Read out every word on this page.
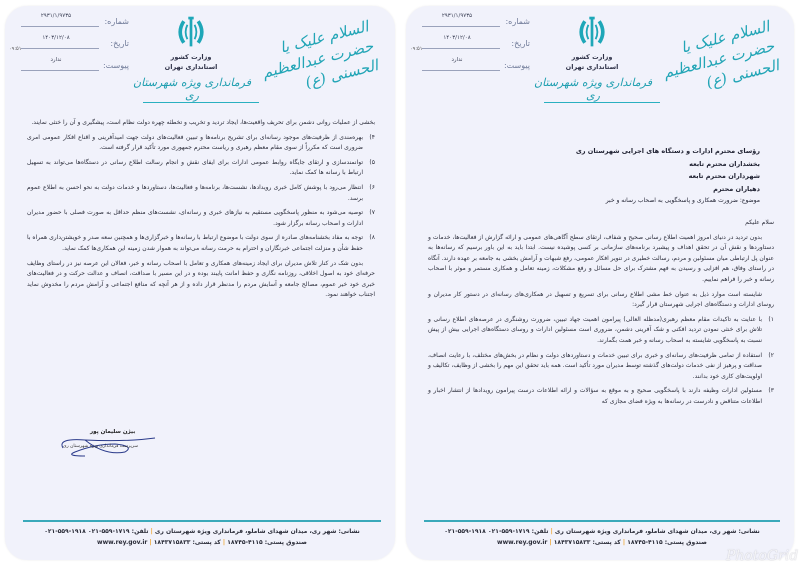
شماره:
۲۹۳۱/۱/۹۷۳۵
تاریخ:
۱۴۰۳/۱۲/۰۸
۰۹:۵۱
پیوست:
ندارد	وزارت کشور
استانداری تهران
فرمانداری ویژه شهرستان ری
السلام علیک یا حضرت عبدالعظیم الحسنی (ع)

بخشی از عملیات روانی دشمن برای تحریف واقعیت‌ها، ایجاد تردید و تخریب و تخطئه چهره دولت نظام است، پیشگیری و آن را خنثی نمایند.

۴)
بهره‌مندی از ظرفیت‌های موجود رسانه‌ای برای تشریح برنامه‌ها و تبیین فعالیت‌های دولت جهت امیدآفرینی و اقناع افکار عمومی امری ضروری است که مکرراً از سوی مقام معظم رهبری و ریاست محترم جمهوری مورد تأکید قرار گرفته است.
۵)
توانمندسازی و ارتقای جایگاه روابط عمومی ادارات برای ایفای نقش و انجام رسالت اطلاع رسانی در دستگاه‌ها می‌تواند به تسهیل ارتباط با رسانه ها کمک نماید.
۶)
انتظار می‌رود با پوشش کامل خبری رویدادها، نشست‌ها، برنامه‌ها و فعالیت‌ها، دستاوردها و خدمات دولت به نحو احسن به اطلاع عموم برسد.
۷)
توصیه می‌شود به منظور پاسخگویی مستقیم به نیازهای خبری و رسانه‌ای، نشست‌های منظم حداقل به صورت فصلی با حضور مدیران ادارات و اصحاب رسانه برگزار شود.
۸)
توجه به مفاد بخشنامه‌های صادره از سوی دولت با موضوع ارتباط با رسانه‌ها و خبرگزاری‌ها و همچنین سعه صدر و خویشتن‌داری همراه با حفظ شأن و منزلت اجتماعی خبرنگاران و احترام به حرمت رسانه می‌تواند به هموار شدن زمینه این همکاری‌ها کمک نماید.

بدون شک در کنار تلاش مدیران برای ایجاد زمینه‌های همکاری و تعامل با اصحاب رسانه و خبر، فعالان این عرصه نیز در راستای وظایف حرفه‌ای خود به اصول اخلاقی، روزنامه نگاری و حفظ امانت پایبند بوده و در این مسیر با صداقت، انصاف و عدالت حرکت و در فعالیت‌های خبری خود خیر عموم، مصالح جامعه و آسایش مردم را مدنظر قرار داده و از هر آنچه که منافع اجتماعی و آرامش مردم را مخدوش نماید اجتناب خواهند نمود.

بیژن سلیمان پور
سرپرست فرمانداری ویژه شهرستان ری
نشانی: شهر ری، میدان شهدای شاملو، فرمانداری ویژه شهرستان ری | تلفن: ۱۷۱۹-۵۵۹-۰۲۱ ۱۹۱۸-۵۵۹-۰۲۱
صندوق پستی: ۴۱۱۵-۱۸۷۴۵ | کد پستی: ۱۸۴۳۷۱۵۸۳۳ | www.rey.gov.ir
شماره:
۲۹۳۱/۱/۹۷۳۵
تاریخ:
۱۴۰۳/۱۲/۰۸
۰۹:۵۱
پیوست:
ندارد	وزارت کشور
استانداری تهران
فرمانداری ویژه شهرستان ری
السلام علیک یا حضرت عبدالعظیم الحسنی (ع)
رؤسای محترم ادارات و دستگاه های اجرایی شهرستان ری
بخشداران محترم تابعه
شهرداران محترم تابعه
دهیاران محترم
موضوع: ضرورت همکاری و پاسخگویی به اصحاب رسانه و خبر

سلام علیکم

بدون تردید در دنیای امروز اهمیت اطلاع رسانی صحیح و شفاف، ارتقای سطح آگاهی‌های عمومی و ارائه گزارش از فعالیت‌ها، خدمات و دستاوردها و نقش آن در تحقق اهداف و پیشبرد برنامه‌های سازمانی بر کسی پوشیده نیست. ابتدا باید به این باور برسیم که رسانه‌ها به عنوان پل ارتباطی میان مسئولین و مردم، رسالت خطیری در تنویر افکار عمومی، رفع شبهات و آرامش بخشی به جامعه بر عهده دارند. آنگاه در راستای وفاق، هم افزایی و رسیدن به فهم مشترک برای حل مسائل و رفع مشکلات، زمینه تعامل و همکاری مستمر و موثر با اصحاب رسانه و خبر را فراهم نماییم.

شایسته است موارد ذیل به عنوان خط مشی اطلاع رسانی برای تسریع و تسهیل در همکاری‌های رسانه‌ای در دستور کار مدیران و روسای ادارات و دستگاه‌های اجرایی شهرستان قرار گیرد:

۱)
با عنایت به تاکیدات مقام معظم رهبری(مدظله العالی) پیرامون اهمیت جهاد تبیین، ضرورت روشنگری در عرصه‌های اطلاع رسانی و تلاش برای خنثی نمودن تردید افکنی و شک آفرینی دشمن، ضروری است مسئولین ادارات و روسای دستگاه‌های اجرایی بیش از پیش نسبت به پاسخگویی شایسته به اصحاب رسانه و خبر همت بگمارند.
۲)
استفاده از تمامی ظرفیت‌های رسانه‌ای و خبری برای تبیین خدمات و دستاوردهای دولت و نظام در بخش‌های مختلف، با رعایت انصاف، صداقت و پرهیز از نفی خدمات دولت‌های گذشته توسط مدیران مورد تأکید است. همه باید تحقق این مهم را بخشی از وظایف، تکالیف و اولویت‌های کاری خود بدانند.
۳)
مسئولین ادارات وظیفه دارند با پاسخگویی صحیح و به موقع به سؤالات و ارائه اطلاعات درست پیرامون رویدادها از انتشار اخبار و اطلاعات متناقض و نادرست در رسانه‌ها به ویژه فضای مجازی که
نشانی: شهر ری، میدان شهدای شاملو، فرمانداری ویژه شهرستان ری | تلفن: ۱۷۱۹-۵۵۹-۰۲۱ ۱۹۱۸-۵۵۹-۰۲۱
صندوق پستی: ۴۱۱۵-۱۸۷۴۵ | کد پستی: ۱۸۴۳۷۱۵۸۳۳ | www.rey.gov.ir
PhotoGrid
